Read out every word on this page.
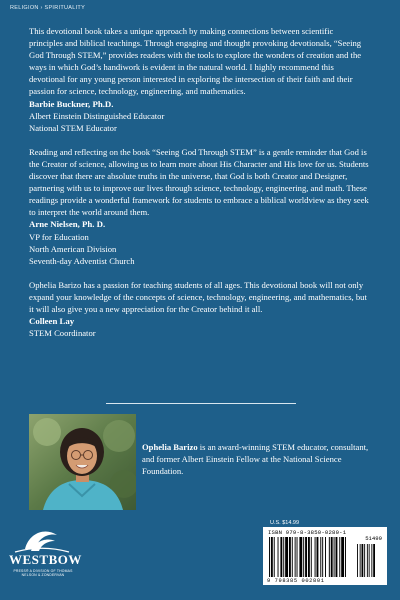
RELIGION › SPIRITUALITY

This devotional book takes a unique approach by making connections between scientific principles and biblical teachings. Through engaging and thought provoking devotionals, “Seeing God Through STEM,” provides readers with the tools to explore the wonders of creation and the ways in which God’s handiwork is evident in the natural world. I highly recommend this devotional for any young person interested in exploring the intersection of their faith and their passion for science, technology, engineering, and mathematics.

Barbie Buckner, Ph.D.

Albert Einstein Distinguished Educator

National STEM Educator

Reading and reflecting on the book “Seeing God Through STEM” is a gentle reminder that God is the Creator of science, allowing us to learn more about His Character and His love for us. Students discover that there are absolute truths in the universe, that God is both Creator and Designer, partnering with us to improve our lives through science, technology, engineering, and math. These readings provide a wonderful framework for students to embrace a biblical worldview as they seek to interpret the world around them.

Arne Nielsen, Ph. D.

VP for Education

North American Division

Seventh-day Adventist Church

Ophelia Barizo has a passion for teaching students of all ages. This devotional book will not only expand your knowledge of the concepts of science, technology, engineering, and mathematics, but it will also give you a new appreciation for the Creator behind it all.

Colleen Lay

STEM Coordinator

Ophelia Barizo is an award-winning STEM educator, consultant, and former Albert Einstein Fellow at the National Science Foundation.
U.S. $14.99
ISBN 979-8-3850-0280-1
51499
9 798385 002801
WESTBOW
PRESS® A DIVISION OF THOMAS NELSON & ZONDERVAN
